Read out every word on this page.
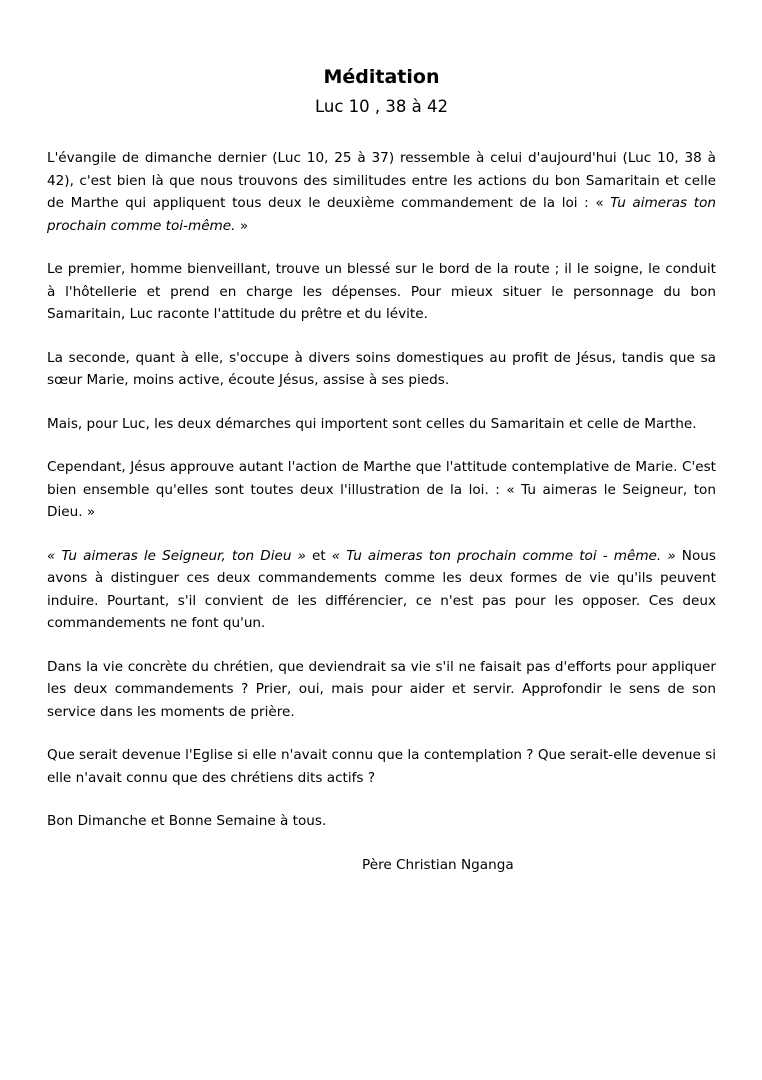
Méditation
Luc 10 , 38 à 42

L'évangile de dimanche dernier (Luc 10, 25 à 37) ressemble à celui d'aujourd'hui (Luc 10, 38 à 42), c'est bien là que nous trouvons des similitudes entre les actions du bon Samaritain et celle de Marthe qui appliquent tous deux le deuxième commandement de la loi : « Tu aimeras ton prochain comme toi-même. »

Le premier, homme bienveillant, trouve un blessé sur le bord de la route ; il le soigne, le conduit à l'hôtellerie et prend en charge les dépenses. Pour mieux situer le personnage du bon Samaritain, Luc raconte l'attitude du prêtre et du lévite.

La seconde, quant à elle, s'occupe à divers soins domestiques au profit de Jésus, tandis que sa sœur Marie, moins active, écoute Jésus, assise à ses pieds.

Mais, pour Luc, les deux démarches qui importent sont celles du Samaritain et celle de Marthe.

Cependant, Jésus approuve autant l'action de Marthe que l'attitude contemplative de Marie. C'est bien ensemble qu'elles sont toutes deux l'illustration de la loi. : « Tu aimeras le Seigneur, ton Dieu. »

« Tu aimeras le Seigneur, ton Dieu » et « Tu aimeras ton prochain comme toi - même. » Nous avons à distinguer ces deux commandements comme les deux formes de vie qu'ils peuvent induire. Pourtant, s'il convient de les différencier, ce n'est pas pour les opposer. Ces deux commandements ne font qu'un.

Dans la vie concrète du chrétien, que deviendrait sa vie s'il ne faisait pas d'efforts pour appliquer les deux commandements ? Prier, oui, mais pour aider et servir. Approfondir le sens de son service dans les moments de prière.

Que serait devenue l'Eglise si elle n'avait connu que la contemplation ? Que serait-elle devenue si elle n'avait connu que des chrétiens dits actifs ?

Bon Dimanche et Bonne Semaine à tous.

Père Christian Nganga
